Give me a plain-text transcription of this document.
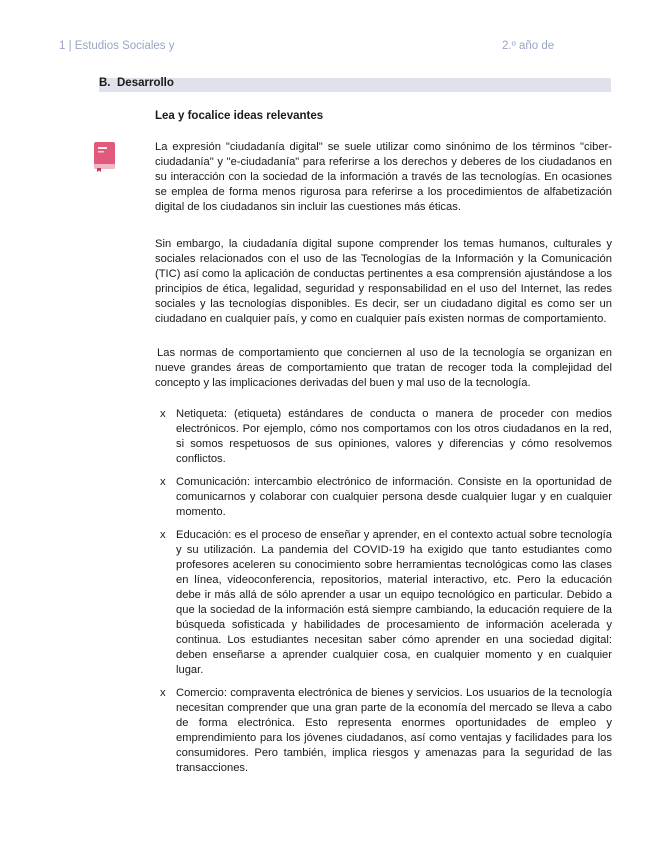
1 | Estudios Sociales y	2.º año de
B. Desarrollo
Lea y focalice ideas relevantes

La expresión "ciudadanía digital" se suele utilizar como sinónimo de los términos "ciber-ciudadanía" y "e-ciudadanía" para referirse a los derechos y deberes de los ciudadanos en su interacción con la sociedad de la información a través de las tecnologías. En ocasiones se emplea de forma menos rigurosa para referirse a los procedimientos de alfabetización digital de los ciudadanos sin incluir las cuestiones más éticas.

Sin embargo, la ciudadanía digital supone comprender los temas humanos, culturales y sociales relacionados con el uso de las Tecnologías de la Información y la Comunicación (TIC) así como la aplicación de conductas pertinentes a esa comprensión ajustándose a los principios de ética, legalidad, seguridad y responsabilidad en el uso del Internet, las redes sociales y las tecnologías disponibles. Es decir, ser un ciudadano digital es como ser un ciudadano en cualquier país, y como en cualquier país existen normas de comportamiento.

Las normas de comportamiento que conciernen al uso de la tecnología se organizan en nueve grandes áreas de comportamiento que tratan de recoger toda la complejidad del concepto y las implicaciones derivadas del buen y mal uso de la tecnología.

x Netiqueta: (etiqueta) estándares de conducta o manera de proceder con medios electrónicos. Por ejemplo, cómo nos comportamos con los otros ciudadanos en la red, si somos respetuosos de sus opiniones, valores y diferencias y cómo resolvemos conflictos.
x Comunicación: intercambio electrónico de información. Consiste en la oportunidad de comunicarnos y colaborar con cualquier persona desde cualquier lugar y en cualquier momento.
x Educación: es el proceso de enseñar y aprender, en el contexto actual sobre tecnología y su utilización. La pandemia del COVID-19 ha exigido que tanto estudiantes como profesores aceleren su conocimiento sobre herramientas tecnológicas como las clases en línea, videoconferencia, repositorios, material interactivo, etc. Pero la educación debe ir más allá de sólo aprender a usar un equipo tecnológico en particular. Debido a que la sociedad de la información está siempre cambiando, la educación requiere de la búsqueda sofisticada y habilidades de procesamiento de información acelerada y continua. Los estudiantes necesitan saber cómo aprender en una sociedad digital: deben enseñarse a aprender cualquier cosa, en cualquier momento y en cualquier lugar.
x Comercio: compraventa electrónica de bienes y servicios. Los usuarios de la tecnología necesitan comprender que una gran parte de la economía del mercado se lleva a cabo de forma electrónica. Esto representa enormes oportunidades de empleo y emprendimiento para los jóvenes ciudadanos, así como ventajas y facilidades para los consumidores. Pero también, implica riesgos y amenazas para la seguridad de las transacciones.
